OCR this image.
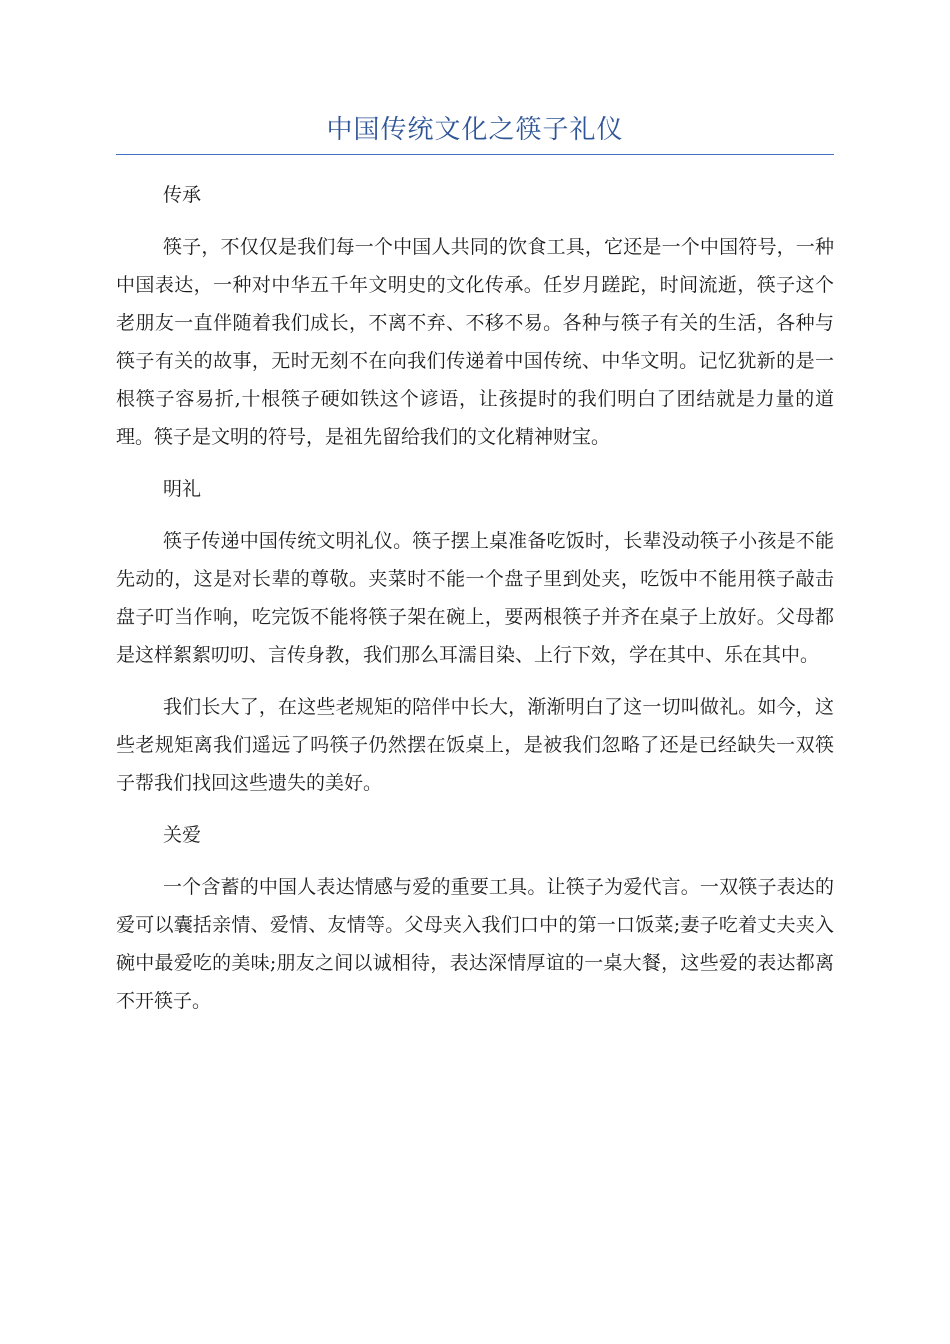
中国传统文化之筷子礼仪
传承

筷子，不仅仅是我们每一个中国人共同的饮食工具，它还是一个中国符号，一种中国表达，一种对中华五千年文明史的文化传承。任岁月蹉跎，时间流逝，筷子这个老朋友一直伴随着我们成长，不离不弃、不移不易。各种与筷子有关的生活，各种与筷子有关的故事，无时无刻不在向我们传递着中国传统、中华文明。记忆犹新的是一根筷子容易折,十根筷子硬如铁这个谚语，让孩提时的我们明白了团结就是力量的道理。筷子是文明的符号，是祖先留给我们的文化精神财宝。

明礼

筷子传递中国传统文明礼仪。筷子摆上桌准备吃饭时，长辈没动筷子小孩是不能先动的，这是对长辈的尊敬。夹菜时不能一个盘子里到处夹，吃饭中不能用筷子敲击盘子叮当作响，吃完饭不能将筷子架在碗上，要两根筷子并齐在桌子上放好。父母都是这样絮絮叨叨、言传身教，我们那么耳濡目染、上行下效，学在其中、乐在其中。

我们长大了，在这些老规矩的陪伴中长大，渐渐明白了这一切叫做礼。如今，这些老规矩离我们遥远了吗筷子仍然摆在饭桌上，是被我们忽略了还是已经缺失一双筷子帮我们找回这些遗失的美好。

关爱

一个含蓄的中国人表达情感与爱的重要工具。让筷子为爱代言。一双筷子表达的爱可以囊括亲情、爱情、友情等。父母夹入我们口中的第一口饭菜;妻子吃着丈夫夹入碗中最爱吃的美味;朋友之间以诚相待，表达深情厚谊的一桌大餐，这些爱的表达都离不开筷子。
